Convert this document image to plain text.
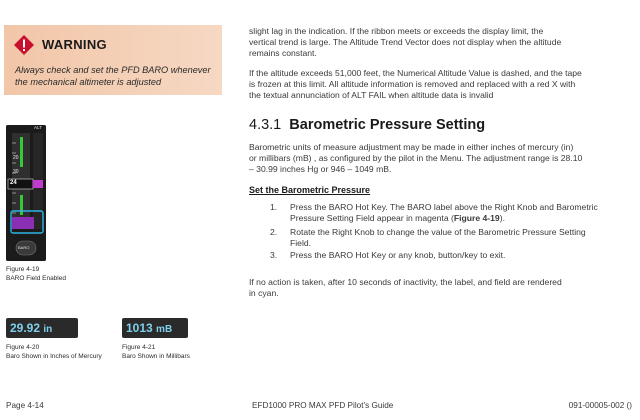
WARNING
Always check and set the PFD BARO whenever the mechanical altimeter is adjusted
ALT
20
30
24
BARO
Figure 4-19
BARO Field Enabled
29.92 in
Figure 4-20
Baro Shown in Inches of Mercury
1013 mB
Figure 4-21
Baro Shown in Millibars
slight lag in the indication. If the ribbon meets or exceeds the display limit, the
vertical trend is large. The Altitude Trend Vector does not display when the altitude
remains constant.
If the altitude exceeds 51,000 feet, the Numerical Altitude Value is dashed, and the tape
is frozen at this limit. All altitude information is removed and replaced with a red X with
the textual annunciation of ALT FAIL when altitude data is invalid
4.3.1 Barometric Pressure Setting
Barometric units of measure adjustment may be made in either inches of mercury (in)
or millibars (mB) , as configured by the pilot in the Menu. The adjustment range is 28.10
– 30.99 inches Hg or 946 – 1049 mB.
Set the Barometric Pressure
1. Press the BARO Hot Key. The BARO label above the Right Knob and Barometric
Pressure Setting Field appear in magenta (Figure 4-19).
2. Rotate the Right Knob to change the value of the Barometric Pressure Setting
Field.
3. Press the BARO Hot Key or any knob, button/key to exit.
If no action is taken, after 10 seconds of inactivity, the label, and field are rendered
in cyan.
Page 4-14	EFD1000 PRO MAX PFD Pilot’s Guide	091-00005-002 ()
